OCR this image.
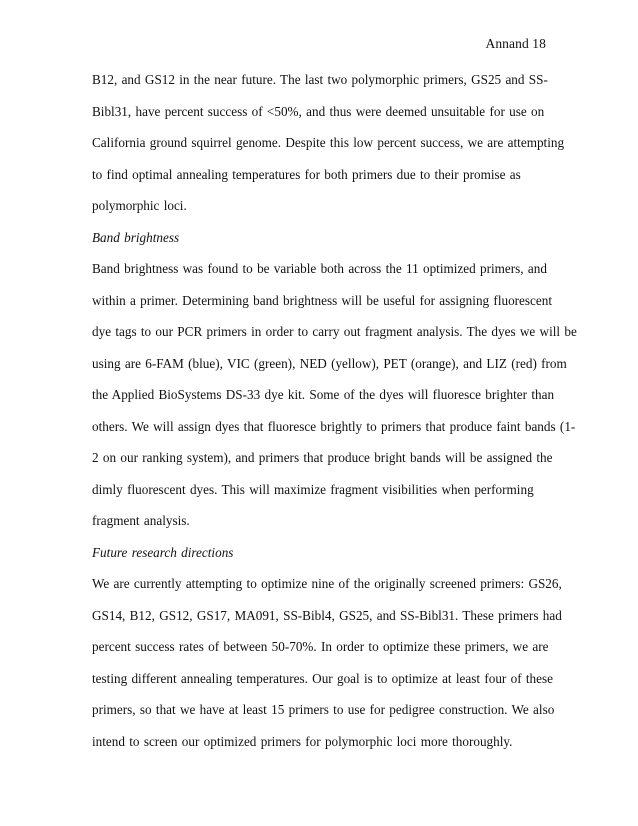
Annand 18
B12, and GS12 in the near future. The last two polymorphic primers, GS25 and SS-
Bibl31, have percent success of <50%, and thus were deemed unsuitable for use on
California ground squirrel genome. Despite this low percent success, we are attempting
to find optimal annealing temperatures for both primers due to their promise as
polymorphic loci.
Band brightness
Band brightness was found to be variable both across the 11 optimized primers, and
within a primer. Determining band brightness will be useful for assigning fluorescent
dye tags to our PCR primers in order to carry out fragment analysis. The dyes we will be
using are 6-FAM (blue), VIC (green), NED (yellow), PET (orange), and LIZ (red) from
the Applied BioSystems DS-33 dye kit. Some of the dyes will fluoresce brighter than
others. We will assign dyes that fluoresce brightly to primers that produce faint bands (1-
2 on our ranking system), and primers that produce bright bands will be assigned the
dimly fluorescent dyes. This will maximize fragment visibilities when performing
fragment analysis.
Future research directions
We are currently attempting to optimize nine of the originally screened primers: GS26,
GS14, B12, GS12, GS17, MA091, SS-Bibl4, GS25, and SS-Bibl31. These primers had
percent success rates of between 50-70%. In order to optimize these primers, we are
testing different annealing temperatures. Our goal is to optimize at least four of these
primers, so that we have at least 15 primers to use for pedigree construction. We also
intend to screen our optimized primers for polymorphic loci more thoroughly.
